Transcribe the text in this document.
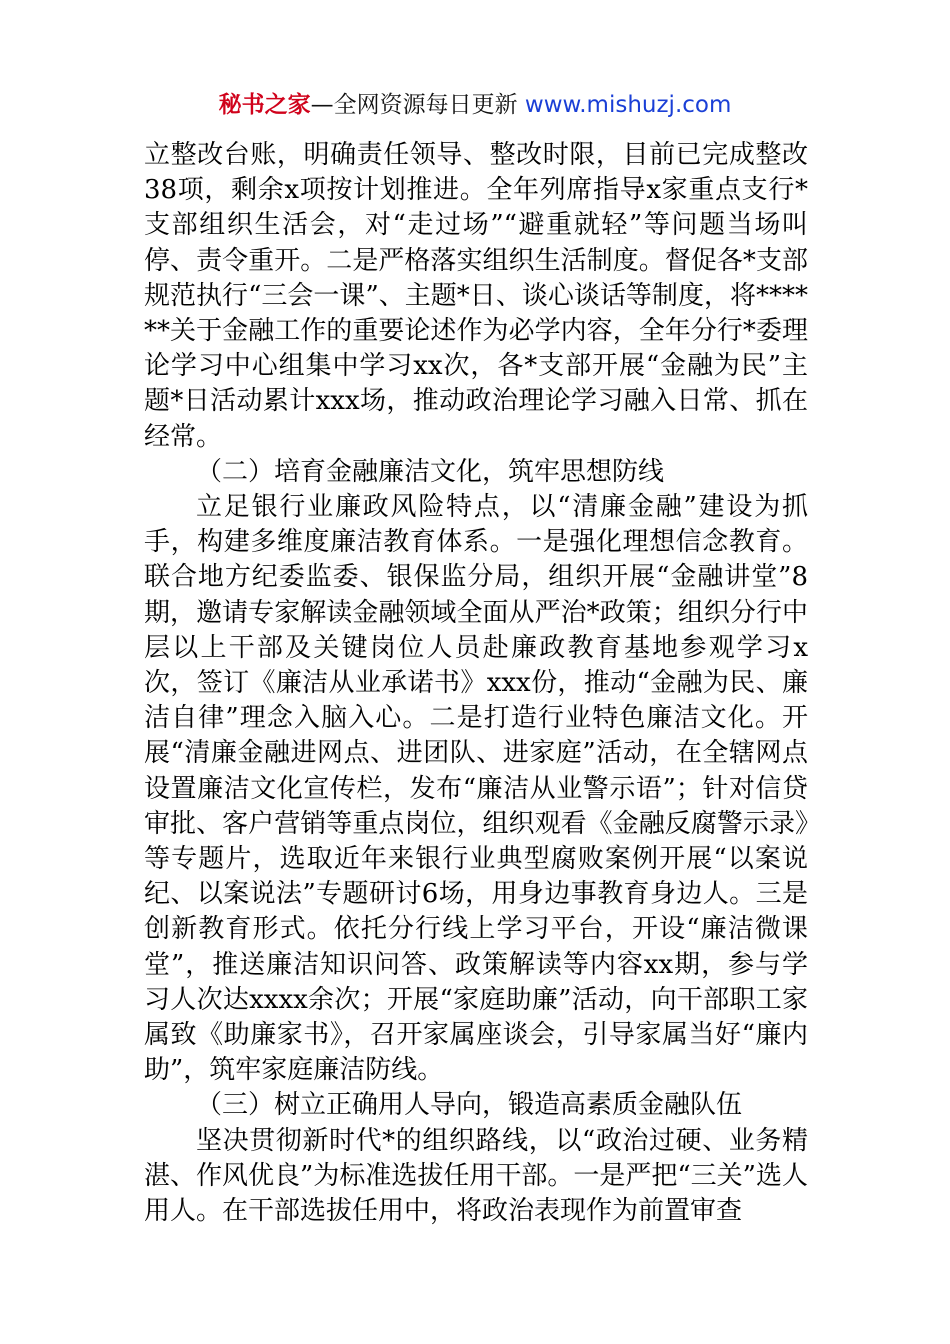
秘书之家—全网资源每日更新 www.mishuzj.com

立整改台账，明确责任领导、整改时限，目前已完成整改38项，剩余x项按计划推进。全年列席指导x家重点支行*支部组织生活会，对“走过场”“避重就轻”等问题当场叫停、责令重开。二是严格落实组织生活制度。督促各*支部规范执行“三会一课”、主题*日、谈心谈话等制度，将******关于金融工作的重要论述作为必学内容，全年分行*委理论学习中心组集中学习xx次，各*支部开展“金融为民”主题*日活动累计xxx场，推动政治理论学习融入日常、抓在经常。

（二）培育金融廉洁文化，筑牢思想防线

立足银行业廉政风险特点，以“清廉金融”建设为抓手，构建多维度廉洁教育体系。一是强化理想信念教育。联合地方纪委监委、银保监分局，组织开展“金融讲堂”8期，邀请专家解读金融领域全面从严治*政策；组织分行中层以上干部及关键岗位人员赴廉政教育基地参观学习x次，签订《廉洁从业承诺书》xxx份，推动“金融为民、廉洁自律”理念入脑入心。二是打造行业特色廉洁文化。开展“清廉金融进网点、进团队、进家庭”活动，在全辖网点设置廉洁文化宣传栏，发布“廉洁从业警示语”；针对信贷审批、客户营销等重点岗位，组织观看《金融反腐警示录》等专题片，选取近年来银行业典型腐败案例开展“以案说纪、以案说法”专题研讨6场，用身边事教育身边人。三是创新教育形式。依托分行线上学习平台，开设“廉洁微课堂”，推送廉洁知识问答、政策解读等内容xx期，参与学习人次达xxxx余次；开展“家庭助廉”活动，向干部职工家属致《助廉家书》，召开家属座谈会，引导家属当好“廉内助”，筑牢家庭廉洁防线。

（三）树立正确用人导向，锻造高素质金融队伍

坚决贯彻新时代*的组织路线，以“政治过硬、业务精湛、作风优良”为标准选拔任用干部。一是严把“三关”选人用人。在干部选拔任用中，将政治表现作为前置审查
